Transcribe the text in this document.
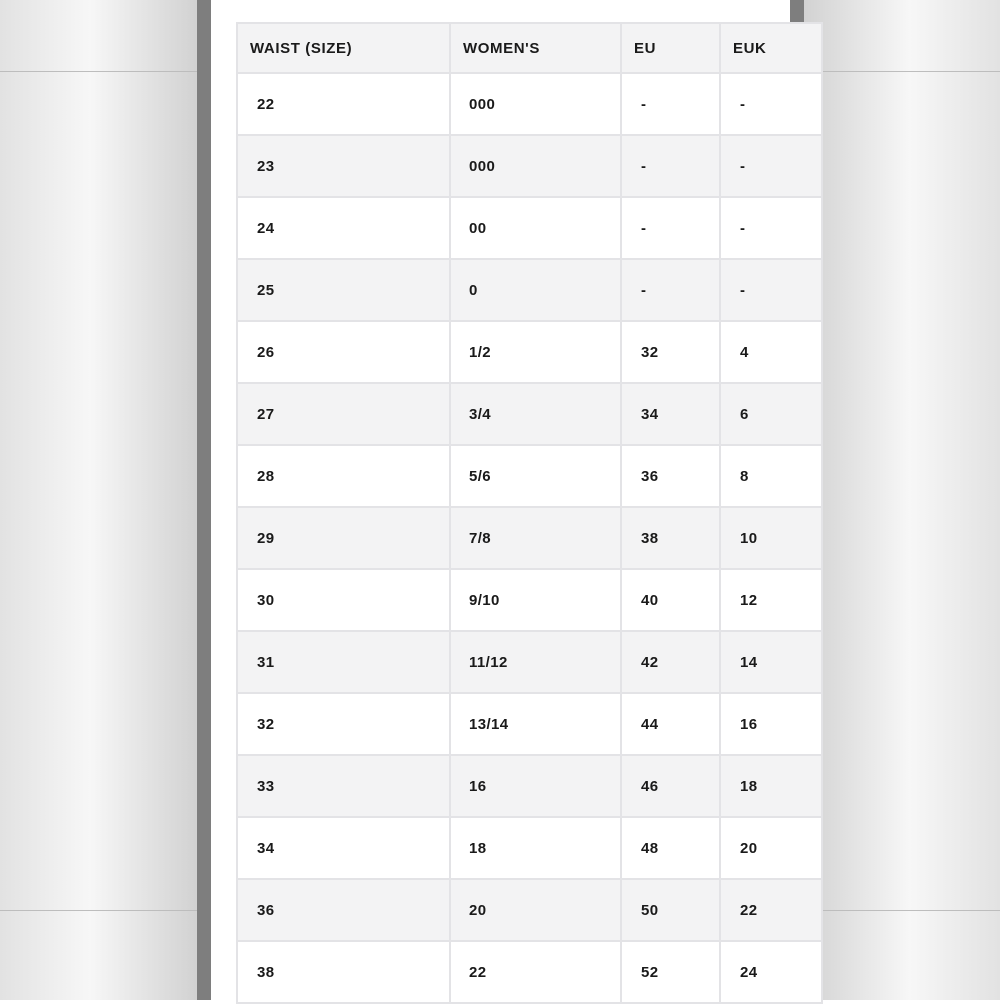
WAIST (SIZE)	WOMEN'S	EU	EUK
22	000	-	-
23	000	-	-
24	00	-	-
25	0	-	-
26	1/2	32	4
27	3/4	34	6
28	5/6	36	8
29	7/8	38	10
30	9/10	40	12
31	11/12	42	14
32	13/14	44	16
33	16	46	18
34	18	48	20
36	20	50	22
38	22	52	24
